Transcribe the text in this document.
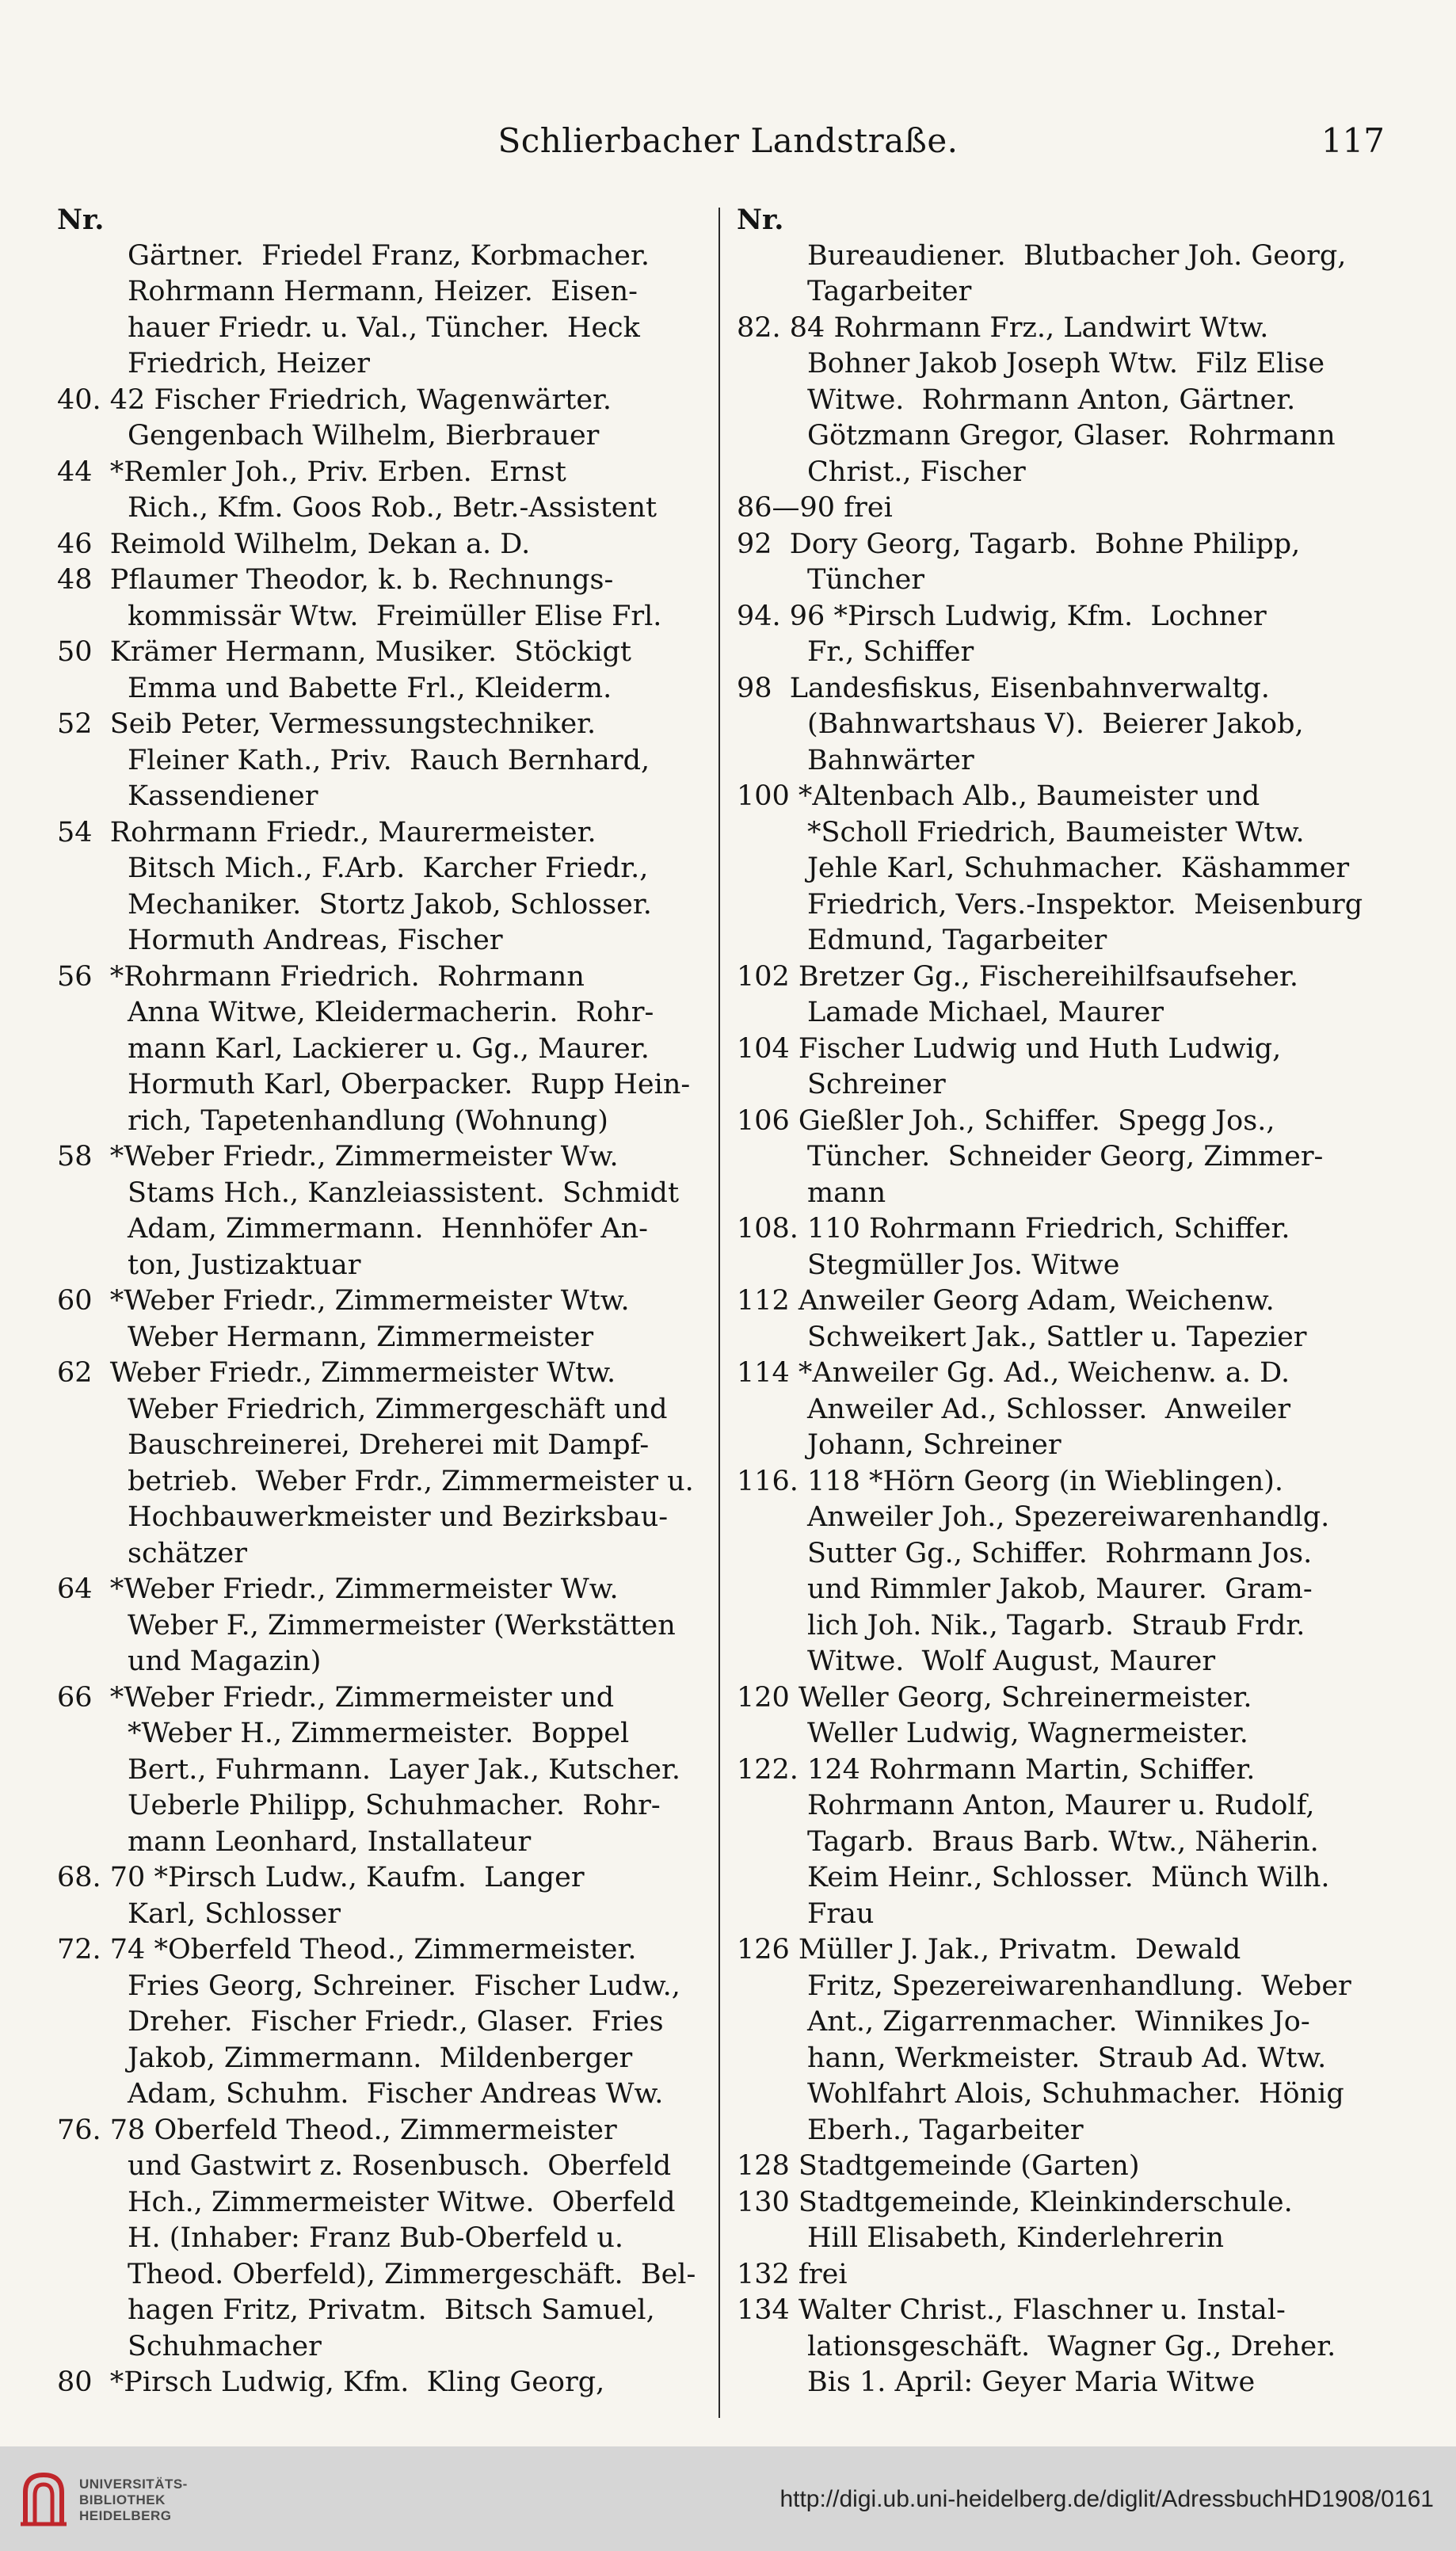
Schlierbacher Landstraße.	117
Nr.
Gärtner.  Friedel Franz, Korbmacher.
Rohrmann Hermann, Heizer.  Eisen-
hauer Friedr. u. Val., Tüncher.  Heck
Friedrich, Heizer
40. 42 Fischer Friedrich, Wagenwärter.
Gengenbach Wilhelm, Bierbrauer
44  *Remler Joh., Priv. Erben.  Ernst
Rich., Kfm. Goos Rob., Betr.-Assistent
46  Reimold Wilhelm, Dekan a. D.
48  Pflaumer Theodor, k. b. Rechnungs-
kommissär Wtw.  Freimüller Elise Frl.
50  Krämer Hermann, Musiker.  Stöckigt
Emma und Babette Frl., Kleiderm.
52  Seib Peter, Vermessungstechniker.
Fleiner Kath., Priv.  Rauch Bernhard,
Kassendiener
54  Rohrmann Friedr., Maurermeister.
Bitsch Mich., F.Arb.  Karcher Friedr.,
Mechaniker.  Stortz Jakob, Schlosser.
Hormuth Andreas, Fischer
56  *Rohrmann Friedrich.  Rohrmann
Anna Witwe, Kleidermacherin.  Rohr-
mann Karl, Lackierer u. Gg., Maurer.
Hormuth Karl, Oberpacker.  Rupp Hein-
rich, Tapetenhandlung (Wohnung)
58  *Weber Friedr., Zimmermeister Ww.
Stams Hch., Kanzleiassistent.  Schmidt
Adam, Zimmermann.  Hennhöfer An-
ton, Justizaktuar
60  *Weber Friedr., Zimmermeister Wtw.
Weber Hermann, Zimmermeister
62  Weber Friedr., Zimmermeister Wtw.
Weber Friedrich, Zimmergeschäft und
Bauschreinerei, Dreherei mit Dampf-
betrieb.  Weber Frdr., Zimmermeister u.
Hochbauwerkmeister und Bezirksbau-
schätzer
64  *Weber Friedr., Zimmermeister Ww.
Weber F., Zimmermeister (Werkstätten
und Magazin)
66  *Weber Friedr., Zimmermeister und
*Weber H., Zimmermeister.  Boppel
Bert., Fuhrmann.  Layer Jak., Kutscher.
Ueberle Philipp, Schuhmacher.  Rohr-
mann Leonhard, Installateur
68. 70 *Pirsch Ludw., Kaufm.  Langer
Karl, Schlosser
72. 74 *Oberfeld Theod., Zimmermeister.
Fries Georg, Schreiner.  Fischer Ludw.,
Dreher.  Fischer Friedr., Glaser.  Fries
Jakob, Zimmermann.  Mildenberger
Adam, Schuhm.  Fischer Andreas Ww.
76. 78 Oberfeld Theod., Zimmermeister
und Gastwirt z. Rosenbusch.  Oberfeld
Hch., Zimmermeister Witwe.  Oberfeld
H. (Inhaber: Franz Bub-Oberfeld u.
Theod. Oberfeld), Zimmergeschäft.  Bel-
hagen Fritz, Privatm.  Bitsch Samuel,
Schuhmacher
80  *Pirsch Ludwig, Kfm.  Kling Georg,
Nr.
Bureaudiener.  Blutbacher Joh. Georg,
Tagarbeiter
82. 84 Rohrmann Frz., Landwirt Wtw.
Bohner Jakob Joseph Wtw.  Filz Elise
Witwe.  Rohrmann Anton, Gärtner.
Götzmann Gregor, Glaser.  Rohrmann
Christ., Fischer
86—90 frei
92  Dory Georg, Tagarb.  Bohne Philipp,
Tüncher
94. 96 *Pirsch Ludwig, Kfm.  Lochner
Fr., Schiffer
98  Landesfiskus, Eisenbahnverwaltg.
(Bahnwartshaus V).  Beierer Jakob,
Bahnwärter
100 *Altenbach Alb., Baumeister und
*Scholl Friedrich, Baumeister Wtw.
Jehle Karl, Schuhmacher.  Käshammer
Friedrich, Vers.-Inspektor.  Meisenburg
Edmund, Tagarbeiter
102 Bretzer Gg., Fischereihilfsaufseher.
Lamade Michael, Maurer
104 Fischer Ludwig und Huth Ludwig,
Schreiner
106 Gießler Joh., Schiffer.  Spegg Jos.,
Tüncher.  Schneider Georg, Zimmer-
mann
108. 110 Rohrmann Friedrich, Schiffer.
Stegmüller Jos. Witwe
112 Anweiler Georg Adam, Weichenw.
Schweikert Jak., Sattler u. Tapezier
114 *Anweiler Gg. Ad., Weichenw. a. D.
Anweiler Ad., Schlosser.  Anweiler
Johann, Schreiner
116. 118 *Hörn Georg (in Wieblingen).
Anweiler Joh., Spezereiwarenhandlg.
Sutter Gg., Schiffer.  Rohrmann Jos.
und Rimmler Jakob, Maurer.  Gram-
lich Joh. Nik., Tagarb.  Straub Frdr.
Witwe.  Wolf August, Maurer
120 Weller Georg, Schreinermeister.
Weller Ludwig, Wagnermeister.
122. 124 Rohrmann Martin, Schiffer.
Rohrmann Anton, Maurer u. Rudolf,
Tagarb.  Braus Barb. Wtw., Näherin.
Keim Heinr., Schlosser.  Münch Wilh.
Frau
126 Müller J. Jak., Privatm.  Dewald
Fritz, Spezereiwarenhandlung.  Weber
Ant., Zigarrenmacher.  Winnikes Jo-
hann, Werkmeister.  Straub Ad. Wtw.
Wohlfahrt Alois, Schuhmacher.  Hönig
Eberh., Tagarbeiter
128 Stadtgemeinde (Garten)
130 Stadtgemeinde, Kleinkinderschule.
Hill Elisabeth, Kinderlehrerin
132 frei
134 Walter Christ., Flaschner u. Instal-
lationsgeschäft.  Wagner Gg., Dreher.
Bis 1. April: Geyer Maria Witwe
UNIVERSITÄTS-
BIBLIOTHEK
HEIDELBERG
http://digi.ub.uni-heidelberg.de/diglit/AdressbuchHD1908/0161
